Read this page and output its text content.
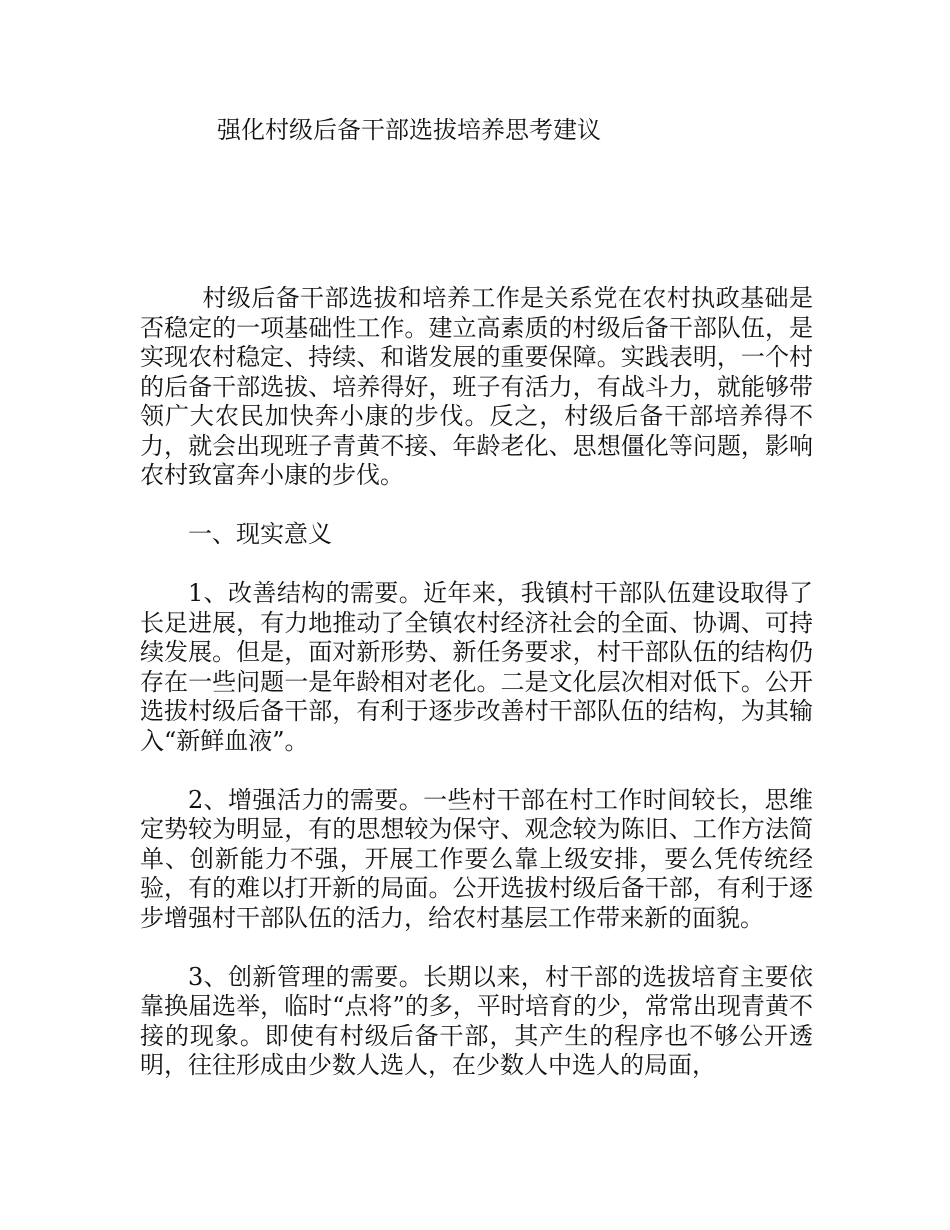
强化村级后备干部选拔培养思考建议

村级后备干部选拔和培养工作是关系党在农村执政基础是否稳定的一项基础性工作。建立高素质的村级后备干部队伍，是实现农村稳定、持续、和谐发展的重要保障。实践表明，一个村的后备干部选拔、培养得好，班子有活力，有战斗力，就能够带领广大农民加快奔小康的步伐。反之，村级后备干部培养得不力，就会出现班子青黄不接、年龄老化、思想僵化等问题，影响农村致富奔小康的步伐。

一、现实意义

1、改善结构的需要。近年来，我镇村干部队伍建设取得了长足进展，有力地推动了全镇农村经济社会的全面、协调、可持续发展。但是，面对新形势、新任务要求，村干部队伍的结构仍存在一些问题一是年龄相对老化。二是文化层次相对低下。公开选拔村级后备干部，有利于逐步改善村干部队伍的结构，为其输入“新鲜血液”。

2、增强活力的需要。一些村干部在村工作时间较长，思维定势较为明显，有的思想较为保守、观念较为陈旧、工作方法简单、创新能力不强，开展工作要么靠上级安排，要么凭传统经验，有的难以打开新的局面。公开选拔村级后备干部，有利于逐步增强村干部队伍的活力，给农村基层工作带来新的面貌。

3、创新管理的需要。长期以来，村干部的选拔培育主要依靠换届选举，临时“点将”的多，平时培育的少，常常出现青黄不接的现象。即使有村级后备干部，其产生的程序也不够公开透明，往往形成由少数人选人，在少数人中选人的局面，
